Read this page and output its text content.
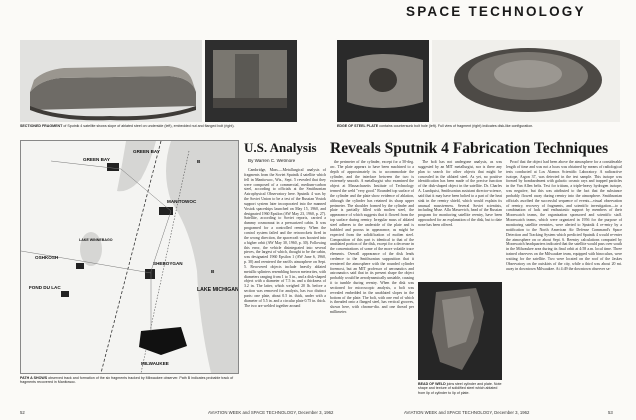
SPACE TECHNOLOGY
SECTIONED FRAGMENT of Sputnik 4 satellite shows slope of ablated steel on underside (left), embedded nut and flanged bolt (right).	EDGE OF STEEL PLATE contains countersunk bolt hole (left). Full view of fragment (right) indicates disk-like configuration.
GREEN BAY
GREEN BAY
LAKE WINNEBAGO
MANITOWOC
OSHKOSH
FOND DU LAC
SHEBOYGAN
LAKE MICHIGAN
MILWAUKEE
B
B
PATH A SHOWS observed track and formation of the six fragments tracked by Milwaukee observer. Path B indicates probable track of fragments recovered in Manitowoc.
U.S. Analysis
By Warren C. Wetmore

Cambridge, Mass.—Metallurgical analysis of fragments from the Soviet Sputnik 4 satellite which fell in Manitowoc, Wis., Sept. 5 revealed that they were composed of a commercial, medium-carbon steel, according to officials at the Smithsonian Astrophysical Observatory here. Sputnik 4 was by the Soviet Union to be a test of the Russian Vostok support system later incorporated into the manned Vostok spaceships launched on May 15, 1960, and designated 1960 Epsilon (AW May 23, 1960, p. 27). Satellite, according to Soviet reports, carried a dummy cosmonaut in a pressurized cabin. It was programed for a controlled reentry. When the control system failed and the retrorockets fired in the wrong direction, the spacecraft was boosted into a higher orbit (AW May 30, 1960, p. 30). Following this error, the vehicle disintegrated into several pieces, the largest of which, thought to be the cabin, was designated 1960 Epsilon 1 (AW June 6, 1960, p. 30) and reentered the earth's atmosphere on Sept. 5. Recovered objects include heavily ablated metallic splinters resembling brown meteorites, with diameters ranging from 1 to 3 in., and a disk-shaped object with a diameter of 7.5 in. and a thickness of 3.2 in. The latter, which weighed 20 lb. before a section was removed for analysis, has two distinct parts: one plate, about 0.5 in. thick, under with a diameter of 5.5 in. and a circular plate 0.75 in. thick. The two are welded together around

Reveals Sputnik 4 Fabrication Techniques

the perimeter of the cylinder, except for a 50-deg. arc. The plate appears to have been machined to a depth of approximately in. to accommodate the cylinder, and the interface between the two is extremely smooth. A metallurgist who examined the object at Massachusetts Institute of Technology termed the weld "very good." Rounded top surface of the cylinder and the plate show evidence of ablation, although the cylinder has retained its sharp upper perimeter. The shoulder formed by the cylinder and plate is partially filled with molten steel, the appearance of which suggests that it flowed from the top surface during reentry. Irregular mass of ablated steel adheres to the underside of the plate and is bubbled and porous in appearance, as might be expected from the solidification of molten steel. Composition of this part is identical to that of the unablated portion of the disk, except for a decrease in the concentrations of some of the more volatile trace elements. Overall appearance of the disk lends credence to the Smithsonian supposition that it reentered the atmosphere with the rounded cylinder foremost, but an MIT professor of aeronautics and astronautics said that in its present shape the object probably would be aerodynamically unstable, causing it to tumble during reentry. When the disk was sectioned for microscopic analysis, a bolt was revealed embedded in the unablated slopes in the bottom of the plate. The bolt, with one end of which is threaded onto a flanged steel, has vertical grooves, shown here, with chrome-dia. and one thread per millimeter.

The bolt has not undergone analysis, as was suggested by an MIT metallurgist, nor is there any plan to search for other objects that might be concealed in the ablated steel. As yet, no positive identification has been made of the precise function of the disk-shaped object in the satellite. Dr. Charles A. Lundquist, Smithsonian assistant director-science, said that it may have been bolted to a part of the heat sink in the reentry shield, which would explain its unusual massiveness. Several Soviet scientists, including Msse. Alla Massevich, head of the Russian program for monitoring satellite reentry, have been approached for an explanation of the disk, but to date none has been offered.

BEAD OF WELD joins steel cylinder and plate. Note shape and texture of solidified steel which ablated from lip of cylinder to lip of plate.

Proof that the object had been above the atmosphere for a considerable length of time and was not a hoax was obtained by means of radiological tests conducted at Los Alamos Scientific Laboratory. A radioactive isotope, Argon 37, was detected in the test sample. This isotope was formed by bombardment with galactic cosmic rays and trapped particles in the Van Allen belts. Test for tritium, a triple-heavy hydrogen isotope, was negative, but this was attributed to the fact that the substance probably flowed away during reentry into the atmosphere. Smithsonian officials ascribed the successful sequence of events—visual observation of reentry, recovery of fragments, and scientific investigation—to a combination of luck and enthusiastic support by members of their Moonwatch teams, the organization sponsored and scientific staff. Moonwatch teams, which were organized in 1956 for the purpose of monitoring satellite reentries, were alerted to Sputnik 4 re-entry by a notification to the North American Air Defense Command's Space Detection and Tracking System which predicted Sputnik 4 would re-enter the atmosphere on or about Sept. 6. Reentry calculations computed by Moonwatch headquarters indicated that the satellite would pass over south in the Milwaukee area during its final orbit at 4:58 a.m. local time. Three trained observers on the Milwaukee team, equipped with binoculars, were waiting for the satellite. Two were located on the roof of the Jaskes Observatory on the outskirts of the city, while a third was about 20 mi. away in downtown Milwaukee. At 4:49 the downtown observer sa-

52	AVIATION WEEK and SPACE TECHNOLOGY, December 3, 1962	AVIATION WEEK and SPACE TECHNOLOGY, December 3, 1962	53
